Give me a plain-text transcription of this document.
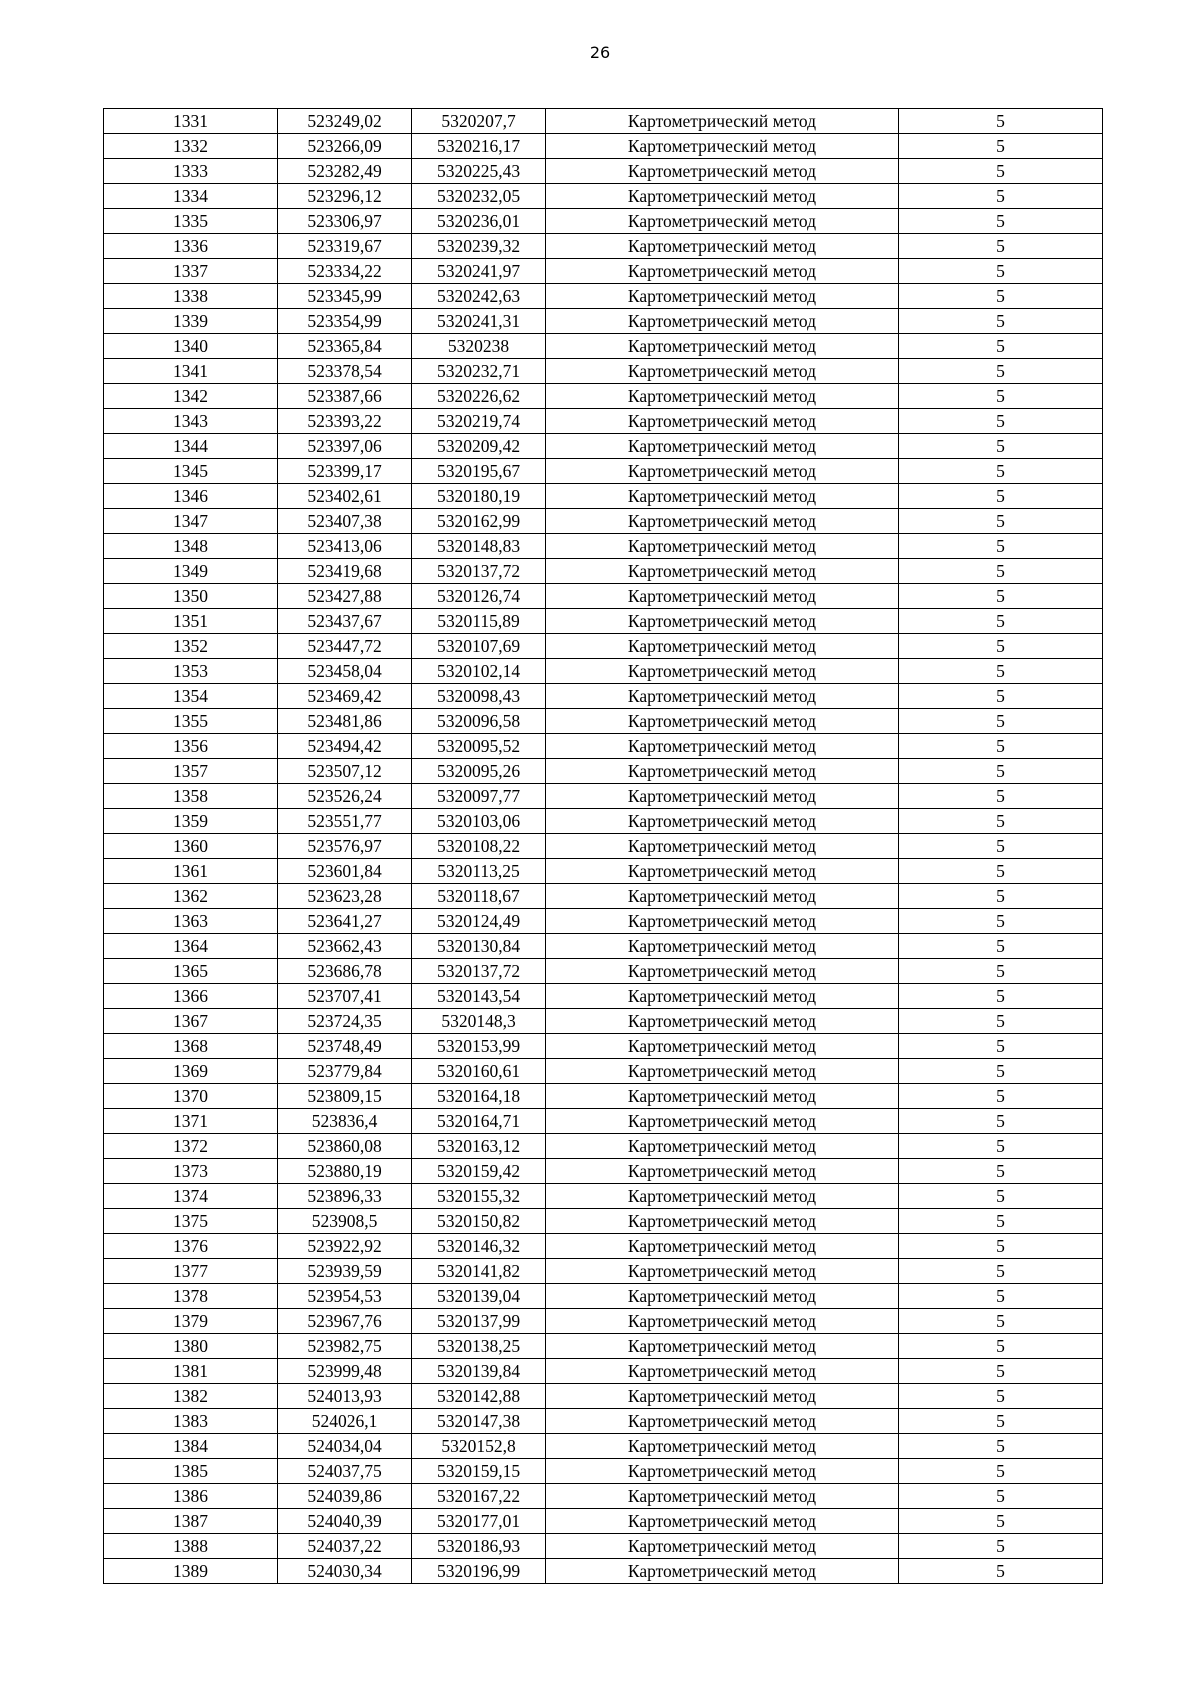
26
1331	523249,02	5320207,7	Картометрический метод	5
1332	523266,09	5320216,17	Картометрический метод	5
1333	523282,49	5320225,43	Картометрический метод	5
1334	523296,12	5320232,05	Картометрический метод	5
1335	523306,97	5320236,01	Картометрический метод	5
1336	523319,67	5320239,32	Картометрический метод	5
1337	523334,22	5320241,97	Картометрический метод	5
1338	523345,99	5320242,63	Картометрический метод	5
1339	523354,99	5320241,31	Картометрический метод	5
1340	523365,84	5320238	Картометрический метод	5
1341	523378,54	5320232,71	Картометрический метод	5
1342	523387,66	5320226,62	Картометрический метод	5
1343	523393,22	5320219,74	Картометрический метод	5
1344	523397,06	5320209,42	Картометрический метод	5
1345	523399,17	5320195,67	Картометрический метод	5
1346	523402,61	5320180,19	Картометрический метод	5
1347	523407,38	5320162,99	Картометрический метод	5
1348	523413,06	5320148,83	Картометрический метод	5
1349	523419,68	5320137,72	Картометрический метод	5
1350	523427,88	5320126,74	Картометрический метод	5
1351	523437,67	5320115,89	Картометрический метод	5
1352	523447,72	5320107,69	Картометрический метод	5
1353	523458,04	5320102,14	Картометрический метод	5
1354	523469,42	5320098,43	Картометрический метод	5
1355	523481,86	5320096,58	Картометрический метод	5
1356	523494,42	5320095,52	Картометрический метод	5
1357	523507,12	5320095,26	Картометрический метод	5
1358	523526,24	5320097,77	Картометрический метод	5
1359	523551,77	5320103,06	Картометрический метод	5
1360	523576,97	5320108,22	Картометрический метод	5
1361	523601,84	5320113,25	Картометрический метод	5
1362	523623,28	5320118,67	Картометрический метод	5
1363	523641,27	5320124,49	Картометрический метод	5
1364	523662,43	5320130,84	Картометрический метод	5
1365	523686,78	5320137,72	Картометрический метод	5
1366	523707,41	5320143,54	Картометрический метод	5
1367	523724,35	5320148,3	Картометрический метод	5
1368	523748,49	5320153,99	Картометрический метод	5
1369	523779,84	5320160,61	Картометрический метод	5
1370	523809,15	5320164,18	Картометрический метод	5
1371	523836,4	5320164,71	Картометрический метод	5
1372	523860,08	5320163,12	Картометрический метод	5
1373	523880,19	5320159,42	Картометрический метод	5
1374	523896,33	5320155,32	Картометрический метод	5
1375	523908,5	5320150,82	Картометрический метод	5
1376	523922,92	5320146,32	Картометрический метод	5
1377	523939,59	5320141,82	Картометрический метод	5
1378	523954,53	5320139,04	Картометрический метод	5
1379	523967,76	5320137,99	Картометрический метод	5
1380	523982,75	5320138,25	Картометрический метод	5
1381	523999,48	5320139,84	Картометрический метод	5
1382	524013,93	5320142,88	Картометрический метод	5
1383	524026,1	5320147,38	Картометрический метод	5
1384	524034,04	5320152,8	Картометрический метод	5
1385	524037,75	5320159,15	Картометрический метод	5
1386	524039,86	5320167,22	Картометрический метод	5
1387	524040,39	5320177,01	Картометрический метод	5
1388	524037,22	5320186,93	Картометрический метод	5
1389	524030,34	5320196,99	Картометрический метод	5
